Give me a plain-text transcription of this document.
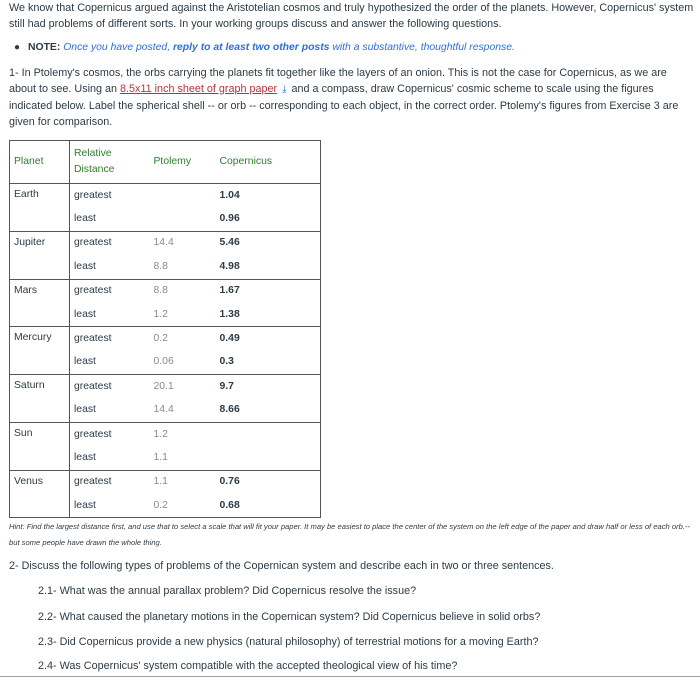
We know that Copernicus argued against the Aristotelian cosmos and truly hypothesized the order of the planets. However, Copernicus' system still had problems of different sorts. In your working groups discuss and answer the following questions.

● NOTE: Once you have posted, reply to at least two other posts with a substantive, thoughtful response.
1- In Ptolemy's cosmos, the orbs carrying the planets fit together like the layers of an onion. This is not the case for Copernicus, as we are about to see. Using an 8.5x11 inch sheet of graph paper ⤓ and a compass, draw Copernicus' cosmic scheme to scale using the figures indicated below. Label the spherical shell -- or orb -- corresponding to each object, in the correct order. Ptolemy's figures from Exercise 3 are given for comparison.
Planet	Relative Distance	Ptolemy	Copernicus
Earth	greatest		1.04
	least		0.96
Jupiter	greatest	14.4	5.46
	least	8.8	4.98
Mars	greatest	8.8	1.67
	least	1.2	1.38
Mercury	greatest	0.2	0.49
	least	0.06	0.3
Saturn	greatest	20.1	9.7
	least	14.4	8.66
Sun	greatest	1.2	
	least	1.1	
Venus	greatest	1.1	0.76
	least	0.2	0.68
Hint: Find the largest distance first, and use that to select a scale that will fit your paper. It may be easiest to place the center of the system on the left edge of the paper and draw half or less of each orb.-- but some people have drawn the whole thing.
2- Discuss the following types of problems of the Copernican system and describe each in two or three sentences.
2.1- What was the annual parallax problem? Did Copernicus resolve the issue?
2.2- What caused the planetary motions in the Copernican system? Did Copernicus believe in solid orbs?
2.3- Did Copernicus provide a new physics (natural philosophy) of terrestrial motions for a moving Earth?
2.4- Was Copernicus' system compatible with the accepted theological view of his time?
